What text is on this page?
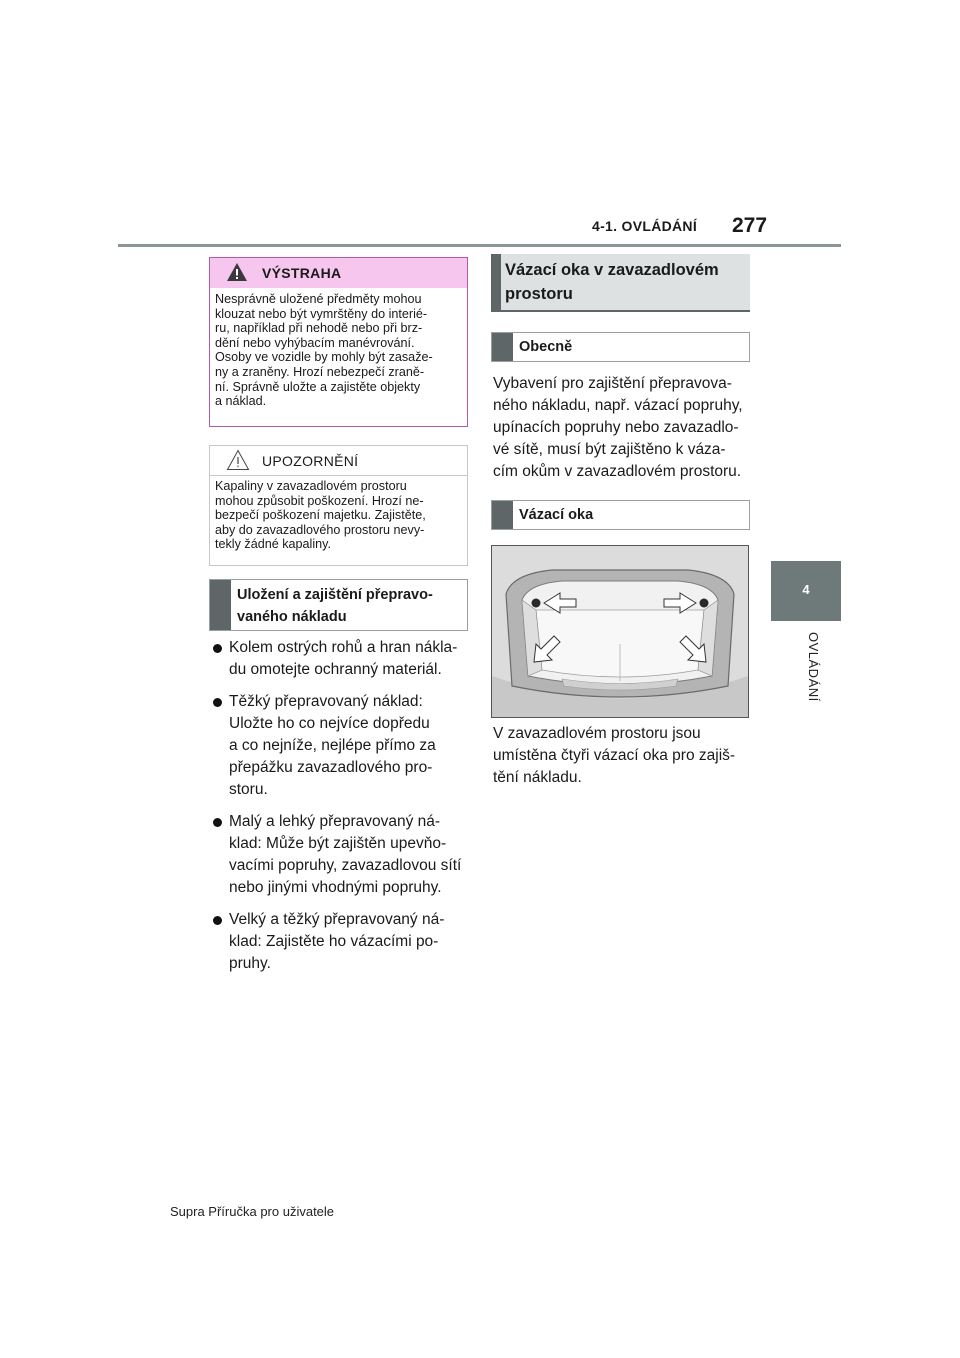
4-1. OVLÁDÁNÍ 277
4
OVLÁDÁNÍ
VÝSTRAHA
Nesprávně uložené předměty mohou
klouzat nebo být vymrštěny do interié-
ru, například při nehodě nebo při brz-
dění nebo vyhýbacím manévrování.
Osoby ve vozidle by mohly být zasaže-
ny a zraněny. Hrozí nebezpečí zraně-
ní. Správně uložte a zajistěte objekty
a náklad.
UPOZORNĚNÍ
Kapaliny v zavazadlovém prostoru
mohou způsobit poškození. Hrozí ne-
bezpečí poškození majetku. Zajistěte,
aby do zavazadlového prostoru nevy-
tekly žádné kapaliny.
Uložení a zajištění přepravo-
vaného nákladu
Kolem ostrých rohů a hran nákla-
du omotejte ochranný materiál.
Těžký přepravovaný náklad:
Uložte ho co nejvíce dopředu
a co nejníže, nejlépe přímo za
přepážku zavazadlového pro-
storu.
Malý a lehký přepravovaný ná-
klad: Může být zajištěn upevňo-
vacími popruhy, zavazadlovou sítí
nebo jinými vhodnými popruhy.
Velký a těžký přepravovaný ná-
klad: Zajistěte ho vázacími po-
pruhy.
Vázací oka v zavazadlovém
prostoru
Obecně
Vybavení pro zajištění přepravova-
ného nákladu, např. vázací popruhy,
upínacích popruhy nebo zavazadlo-
vé sítě, musí být zajištěno k váza-
cím okům v zavazadlovém prostoru.
Vázací oka
V zavazadlovém prostoru jsou
umístěna čtyři vázací oka pro zajiš-
tění nákladu.
Supra Příručka pro uživatele
